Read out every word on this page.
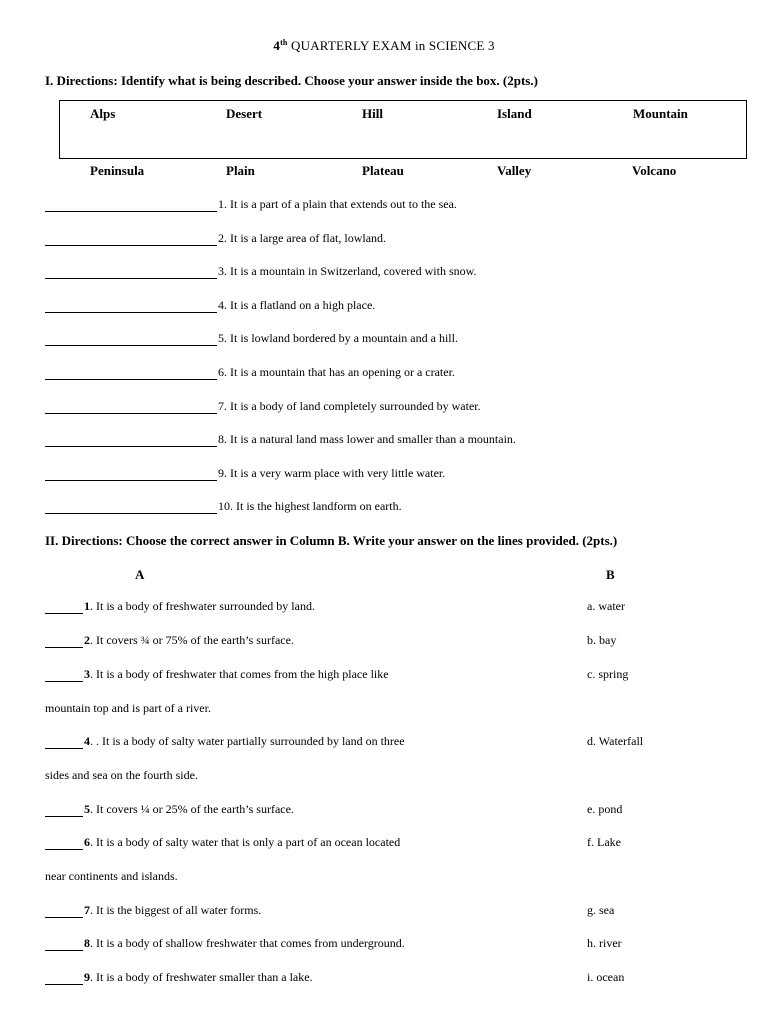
4th QUARTERLY EXAM in SCIENCE 3
I. Directions: Identify what is being described. Choose your answer inside the box. (2pts.)
Alps	Desert	Hill	Island	Mountain
Peninsula	Plain	Plateau	Valley	Volcano
1. It is a part of a plain that extends out to the sea.
2. It is a large area of flat, lowland.
3. It is a mountain in Switzerland, covered with snow.
4. It is a flatland on a high place.
5. It is lowland bordered by a mountain and a hill.
6. It is a mountain that has an opening or a crater.
7. It is a body of land completely surrounded by water.
8. It is a natural land mass lower and smaller than a mountain.
9. It is a very warm place with very little water.
10. It is the highest landform on earth.
II. Directions: Choose the correct answer in Column B. Write your answer on the lines provided. (2pts.)
A	B
1 . It is a body of freshwater surrounded by land.	a. water
2 . It covers ¾ or 75% of the earth’s surface.	b. bay
3 . It is a body of freshwater that comes from the high place like	c. spring
mountain top and is part of a river.
4 . . It is a body of salty water partially surrounded by land on three	d. Waterfall
sides and sea on the fourth side.
5 . It covers ¼ or 25% of the earth’s surface.	e. pond
6 . It is a body of salty water that is only a part of an ocean located	f. Lake
near continents and islands.
7 . It is the biggest of all water forms.	g. sea
8 . It is a body of shallow freshwater that comes from underground.	h. river
9 . It is a body of freshwater smaller than a lake.	i. ocean
